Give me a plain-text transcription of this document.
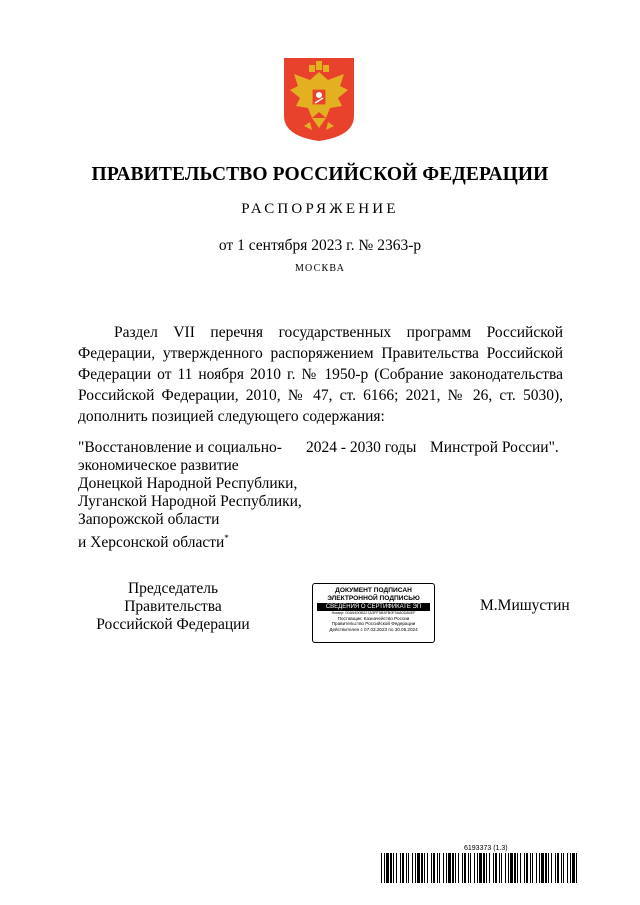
ПРАВИТЕЛЬСТВО РОССИЙСКОЙ ФЕДЕРАЦИИ
РАСПОРЯЖЕНИЕ
от 1 сентября 2023 г. № 2363-р
МОСКВА

Раздел VII перечня государственных программ Российской Федерации, утвержденного распоряжением Правительства Российской Федерации от 11 ноября 2010 г. № 1950-р (Собрание законодательства Российской Федерации, 2010, № 47, ст. 6166; 2021, № 26, ст. 5030), дополнить позицией следующего содержания:

"Восстановление и социально-
экономическое развитие
Донецкой Народной Республики,
Луганской Народной Республики,
Запорожской области
и Херсонской области*
2024 - 2030 годы Минстрой России".
Председатель Правительства
Российской Федерации
ДОКУМЕНТ ПОДПИСАН
ЭЛЕКТРОННОЙ ПОДПИСЬЮ
СВЕДЕНИЯ О СЕРТИФИКАТЕ ЭП
Номер: 00A9490B227A3FF5B3FB0F06A0D86EF
Поставщик: Казначейство России
Правительство Российской Федерации
Действителен с 07.03.2023 по 30.05.2024
М.Мишустин
6193373 (1.3)
